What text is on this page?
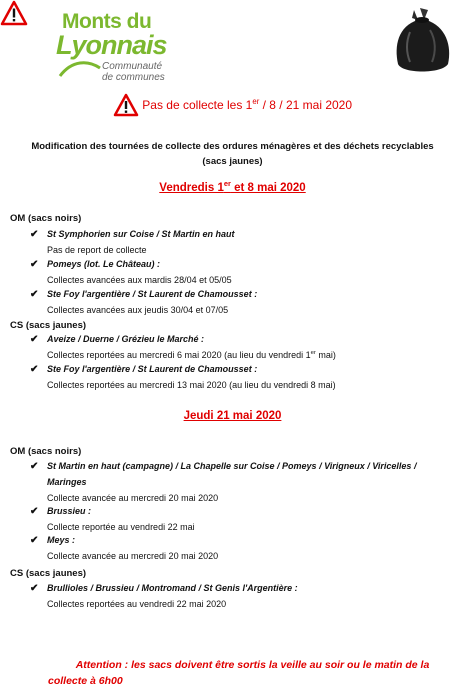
Monts du
Lyonnais
Communauté
de communes
Pas de collecte les 1er / 8 / 21 mai 2020
Modification des tournées de collecte des ordures ménagères et des déchets recyclables
(sacs jaunes)
Vendredis 1er et 8 mai 2020
OM (sacs noirs)
✔ St Symphorien sur Coise / St Martin en haut
Pas de report de collecte
✔ Pomeys (lot. Le Château) :
Collectes avancées aux mardis 28/04 et 05/05
✔ Ste Foy l'argentière / St Laurent de Chamousset :
Collectes avancées aux jeudis 30/04 et 07/05
CS (sacs jaunes)
✔ Aveize / Duerne / Grézieu le Marché :
Collectes reportées au mercredi 6 mai 2020 (au lieu du vendredi 1er mai)
✔ Ste Foy l'argentière / St Laurent de Chamousset :
Collectes reportées au mercredi 13 mai 2020 (au lieu du vendredi 8 mai)
Jeudi 21 mai 2020
OM (sacs noirs)
✔ St Martin en haut (campagne) / La Chapelle sur Coise / Pomeys / Virigneux / Viricelles /
Maringes
Collecte avancée au mercredi 20 mai 2020
✔ Brussieu :
Collecte reportée au vendredi 22 mai
✔ Meys :
Collecte avancée au mercredi 20 mai 2020
CS (sacs jaunes)
✔ Brullioles / Brussieu / Montromand / St Genis l'Argentière :
Collectes reportées au vendredi 22 mai 2020
Attention : les sacs doivent être sortis la veille au soir ou le matin de la
collecte à 6h00
